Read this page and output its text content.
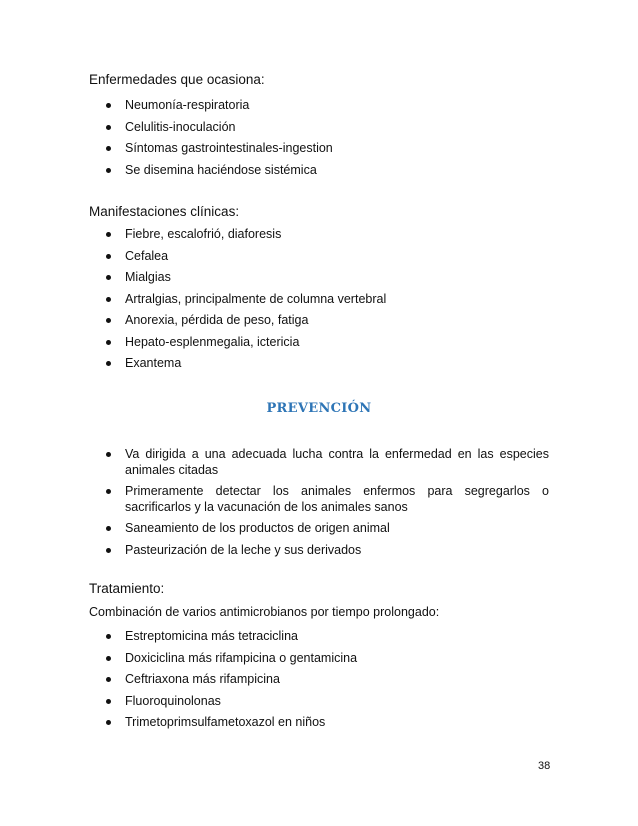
Enfermedades que ocasiona:
Neumonía-respiratoria
Celulitis-inoculación
Síntomas gastrointestinales-ingestion
Se disemina haciéndose sistémica
Manifestaciones clínicas:
Fiebre, escalofrió, diaforesis
Cefalea
Mialgias
Artralgias, principalmente de columna vertebral
Anorexia, pérdida de peso, fatiga
Hepato-esplenmegalia, ictericia
Exantema
PREVENCIÓN
Va dirigida a una adecuada lucha contra la enfermedad en las especies animales citadas
Primeramente detectar los animales enfermos para segregarlos o sacrificarlos y la vacunación de los animales sanos
Saneamiento de los productos de origen animal
Pasteurización de la leche y sus derivados
Tratamiento:

Combinación de varios antimicrobianos por tiempo prolongado:

Estreptomicina más tetraciclina
Doxiciclina más rifampicina o gentamicina
Ceftriaxona más rifampicina
Fluoroquinolonas
Trimetoprimsulfametoxazol en niños

38
